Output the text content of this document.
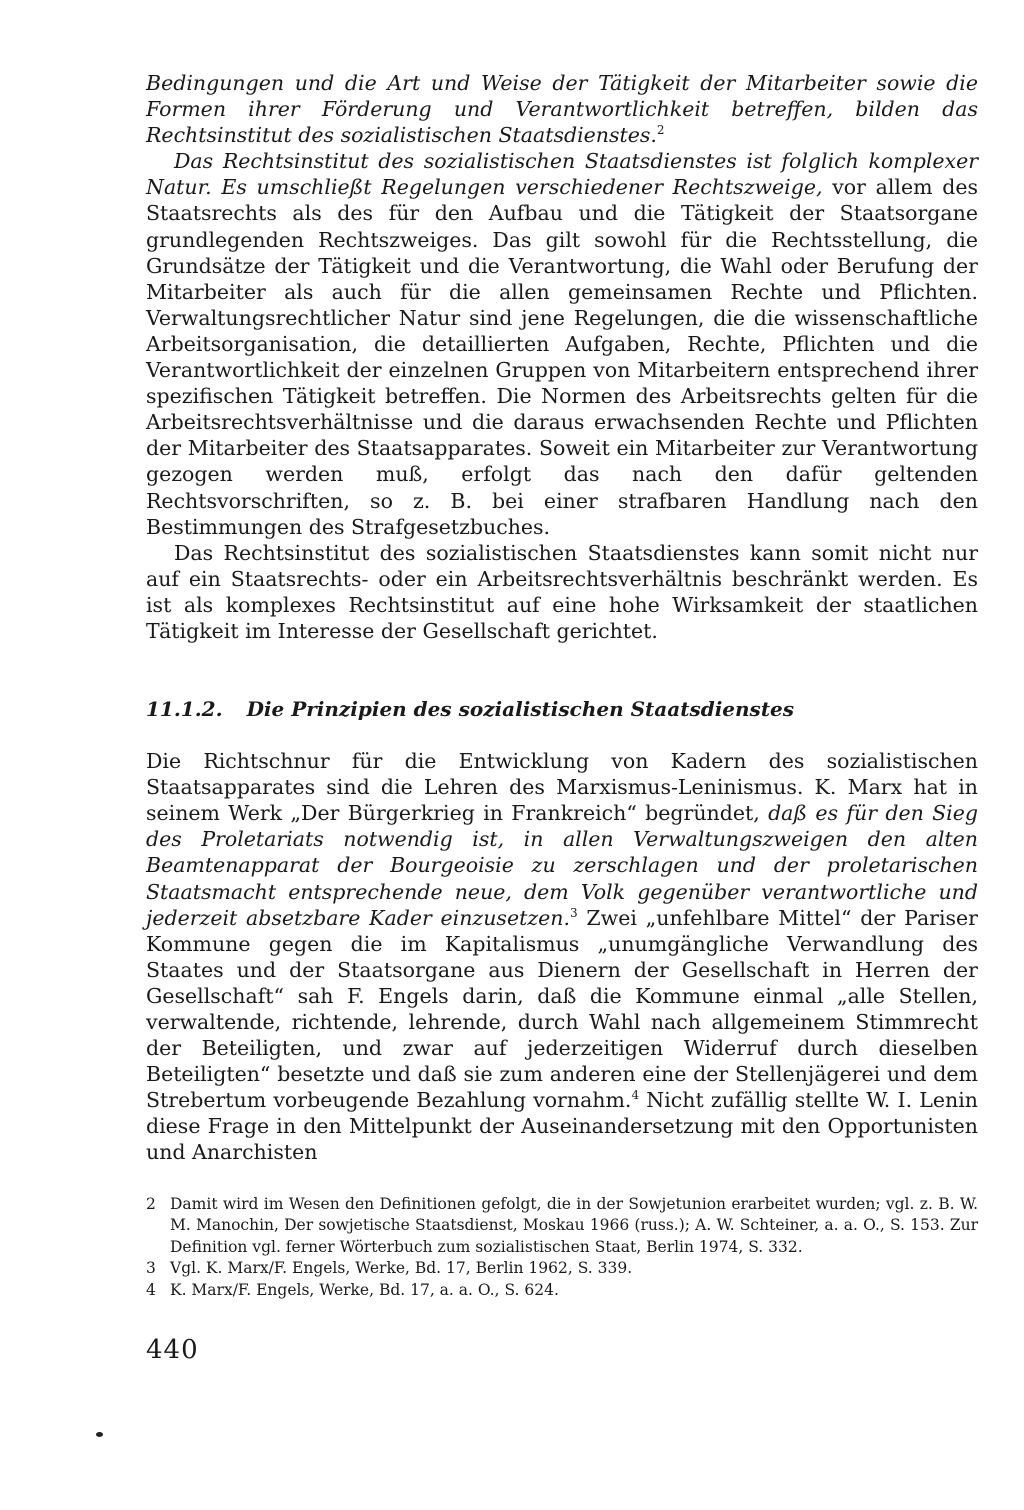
Bedingungen und die Art und Weise der Tätigkeit der Mitarbeiter sowie die Formen ihrer Förderung und Verantwortlichkeit betreffen, bilden das Rechtsinstitut des sozialistischen Staatsdienstes.$^2$

Das Rechtsinstitut des sozialistischen Staatsdienstes ist folglich komplexer Natur. Es umschließt Regelungen verschiedener Rechtszweige, vor allem des Staatsrechts als des für den Aufbau und die Tätigkeit der Staatsorgane grundlegenden Rechtszweiges. Das gilt sowohl für die Rechtsstellung, die Grundsätze der Tätigkeit und die Verantwortung, die Wahl oder Berufung der Mitarbeiter als auch für die allen gemeinsamen Rechte und Pflichten. Verwaltungsrechtlicher Natur sind jene Regelungen, die die wissenschaftliche Arbeitsorganisation, die detaillierten Aufgaben, Rechte, Pflichten und die Verantwortlichkeit der einzelnen Gruppen von Mitarbeitern entsprechend ihrer spezifischen Tätigkeit betreffen. Die Normen des Arbeitsrechts gelten für die Arbeitsrechtsverhältnisse und die daraus erwachsenden Rechte und Pflichten der Mitarbeiter des Staatsapparates. Soweit ein Mitarbeiter zur Verantwortung gezogen werden muß, erfolgt das nach den dafür geltenden Rechtsvorschriften, so z. B. bei einer strafbaren Handlung nach den Bestimmungen des Strafgesetzbuches.

Das Rechtsinstitut des sozialistischen Staatsdienstes kann somit nicht nur auf ein Staatsrechts- oder ein Arbeitsrechtsverhältnis beschränkt werden. Es ist als komplexes Rechtsinstitut auf eine hohe Wirksamkeit der staatlichen Tätigkeit im Interesse der Gesellschaft gerichtet.

11.1.2. Die Prinzipien des sozialistischen Staatsdienstes

Die Richtschnur für die Entwicklung von Kadern des sozialistischen Staatsapparates sind die Lehren des Marxismus-Leninismus. K. Marx hat in seinem Werk „Der Bürgerkrieg in Frankreich“ begründet, daß es für den Sieg des Proletariats notwendig ist, in allen Verwaltungszweigen den alten Beamtenapparat der Bourgeoisie zu zerschlagen und der proletarischen Staatsmacht entsprechende neue, dem Volk gegenüber verantwortliche und jederzeit absetzbare Kader einzusetzen.$^3$ Zwei „unfehlbare Mittel“ der Pariser Kommune gegen die im Kapitalismus „unumgängliche Verwandlung des Staates und der Staatsorgane aus Dienern der Gesellschaft in Herren der Gesellschaft“ sah F. Engels darin, daß die Kommune einmal „alle Stellen, verwaltende, richtende, lehrende, durch Wahl nach allgemeinem Stimmrecht der Beteiligten, und zwar auf jederzeitigen Widerruf durch dieselben Beteiligten“ besetzte und daß sie zum anderen eine der Stellenjägerei und dem Strebertum vorbeugende Bezahlung vornahm.$^4$ Nicht zufällig stellte W. I. Lenin diese Frage in den Mittelpunkt der Auseinandersetzung mit den Opportunisten und Anarchisten

2 Damit wird im Wesen den Definitionen gefolgt, die in der Sowjetunion erarbeitet wurden; vgl. z. B. W. M. Manochin, Der sowjetische Staatsdienst, Moskau 1966 (russ.); A. W. Schteiner, a. a. O., S. 153. Zur Definition vgl. ferner Wörterbuch zum sozialistischen Staat, Berlin 1974, S. 332.
3 Vgl. K. Marx/F. Engels, Werke, Bd. 17, Berlin 1962, S. 339.
4 K. Marx/F. Engels, Werke, Bd. 17, a. a. O., S. 624.
440
